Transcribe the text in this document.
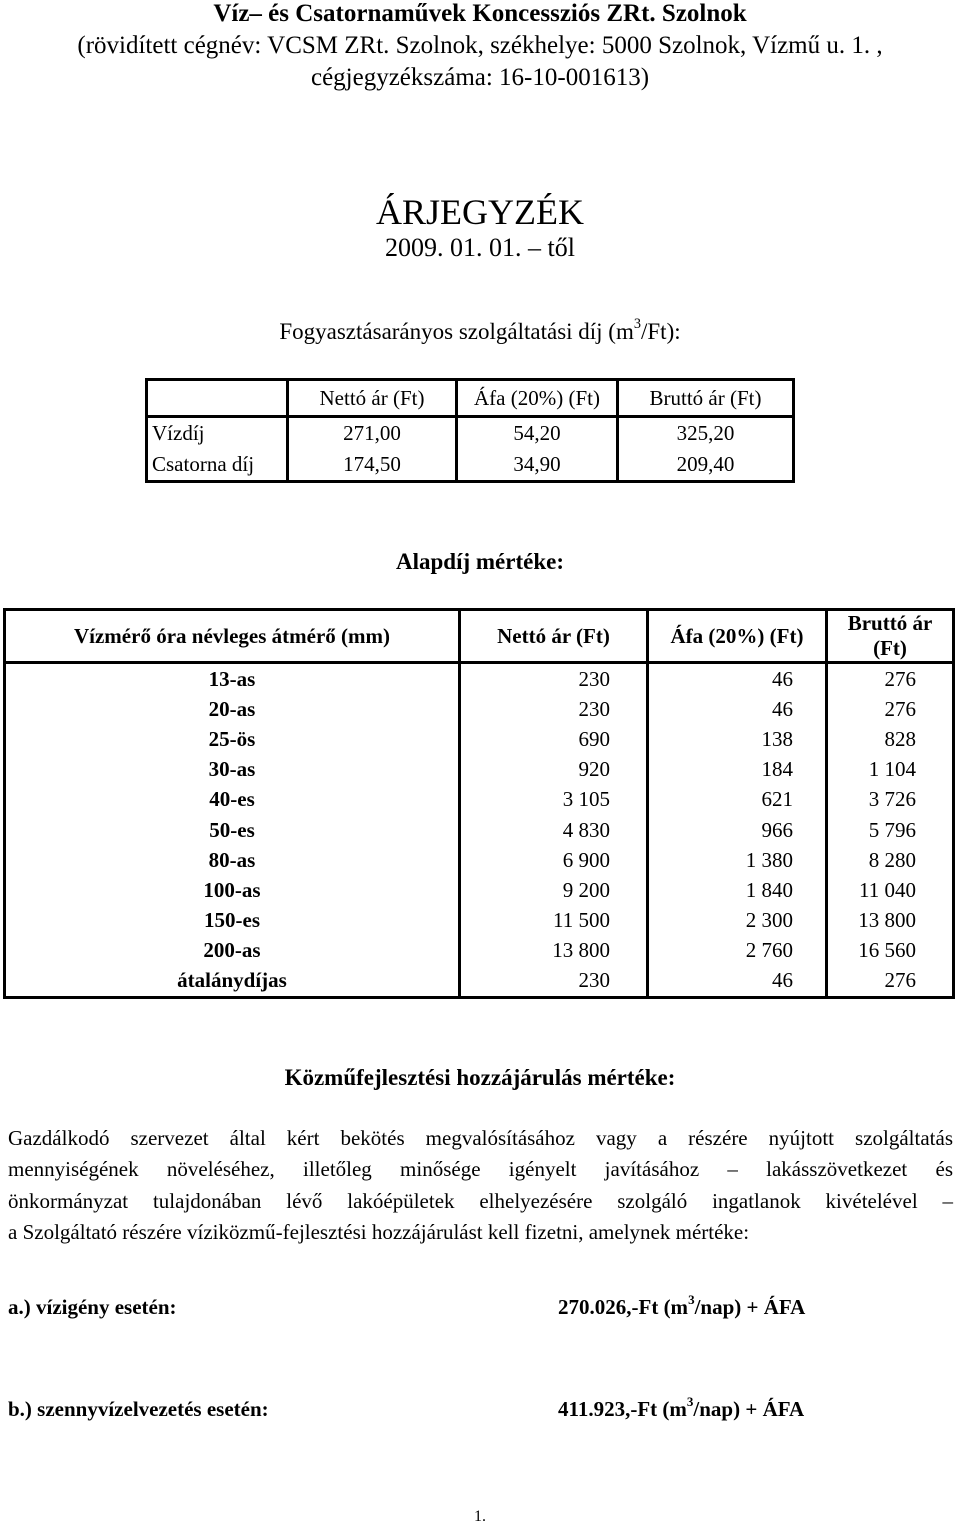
Víz– és Csatornaművek Koncessziós ZRt. Szolnok
(rövidített cégnév: VCSM ZRt. Szolnok, székhelye: 5000 Szolnok, Vízmű u. 1. ,
cégjegyzékszáma: 16-10-001613)
ÁRJEGYZÉK
2009. 01. 01. – től
Fogyasztásarányos szolgáltatási díj $(m^3/Ft)$:
	Nettó ár (Ft)	Áfa (20%) (Ft)	Bruttó ár (Ft)
Vízdíj	271,00	54,20	325,20
Csatorna díj	174,50	34,90	209,40
Alapdíj mértéke:
Vízmérő óra névleges átmérő (mm)	Nettó ár (Ft)	Áfa (20%) (Ft)	Bruttó ár (Ft)
13-as	230	46	276
20-as	230	46	276
25-ös	690	138	828
30-as	920	184	1 104
40-es	3 105	621	3 726
50-es	4 830	966	5 796
80-as	6 900	1 380	8 280
100-as	9 200	1 840	11 040
150-es	11 500	2 300	13 800
200-as	13 800	2 760	16 560
átalánydíjas	230	46	276
Közműfejlesztési hozzájárulás mértéke:
Gazdálkodó szervezet által kért bekötés megvalósításához vagy a részére nyújtott szolgáltatás
mennyiségének növeléséhez, illetőleg minősége igényelt javításához – lakásszövetkezet és
önkormányzat tulajdonában lévő lakóépületek elhelyezésére szolgáló ingatlanok kivételével –
a Szolgáltató részére víziközmű-fejlesztési hozzájárulást kell fizetni, amelynek mértéke:
a.) vízigény esetén:	270.026,-Ft $(m^3/nap)$ + ÁFA
b.) szennyvízelvezetés esetén:	411.923,-Ft $(m^3/nap)$ + ÁFA
1.
